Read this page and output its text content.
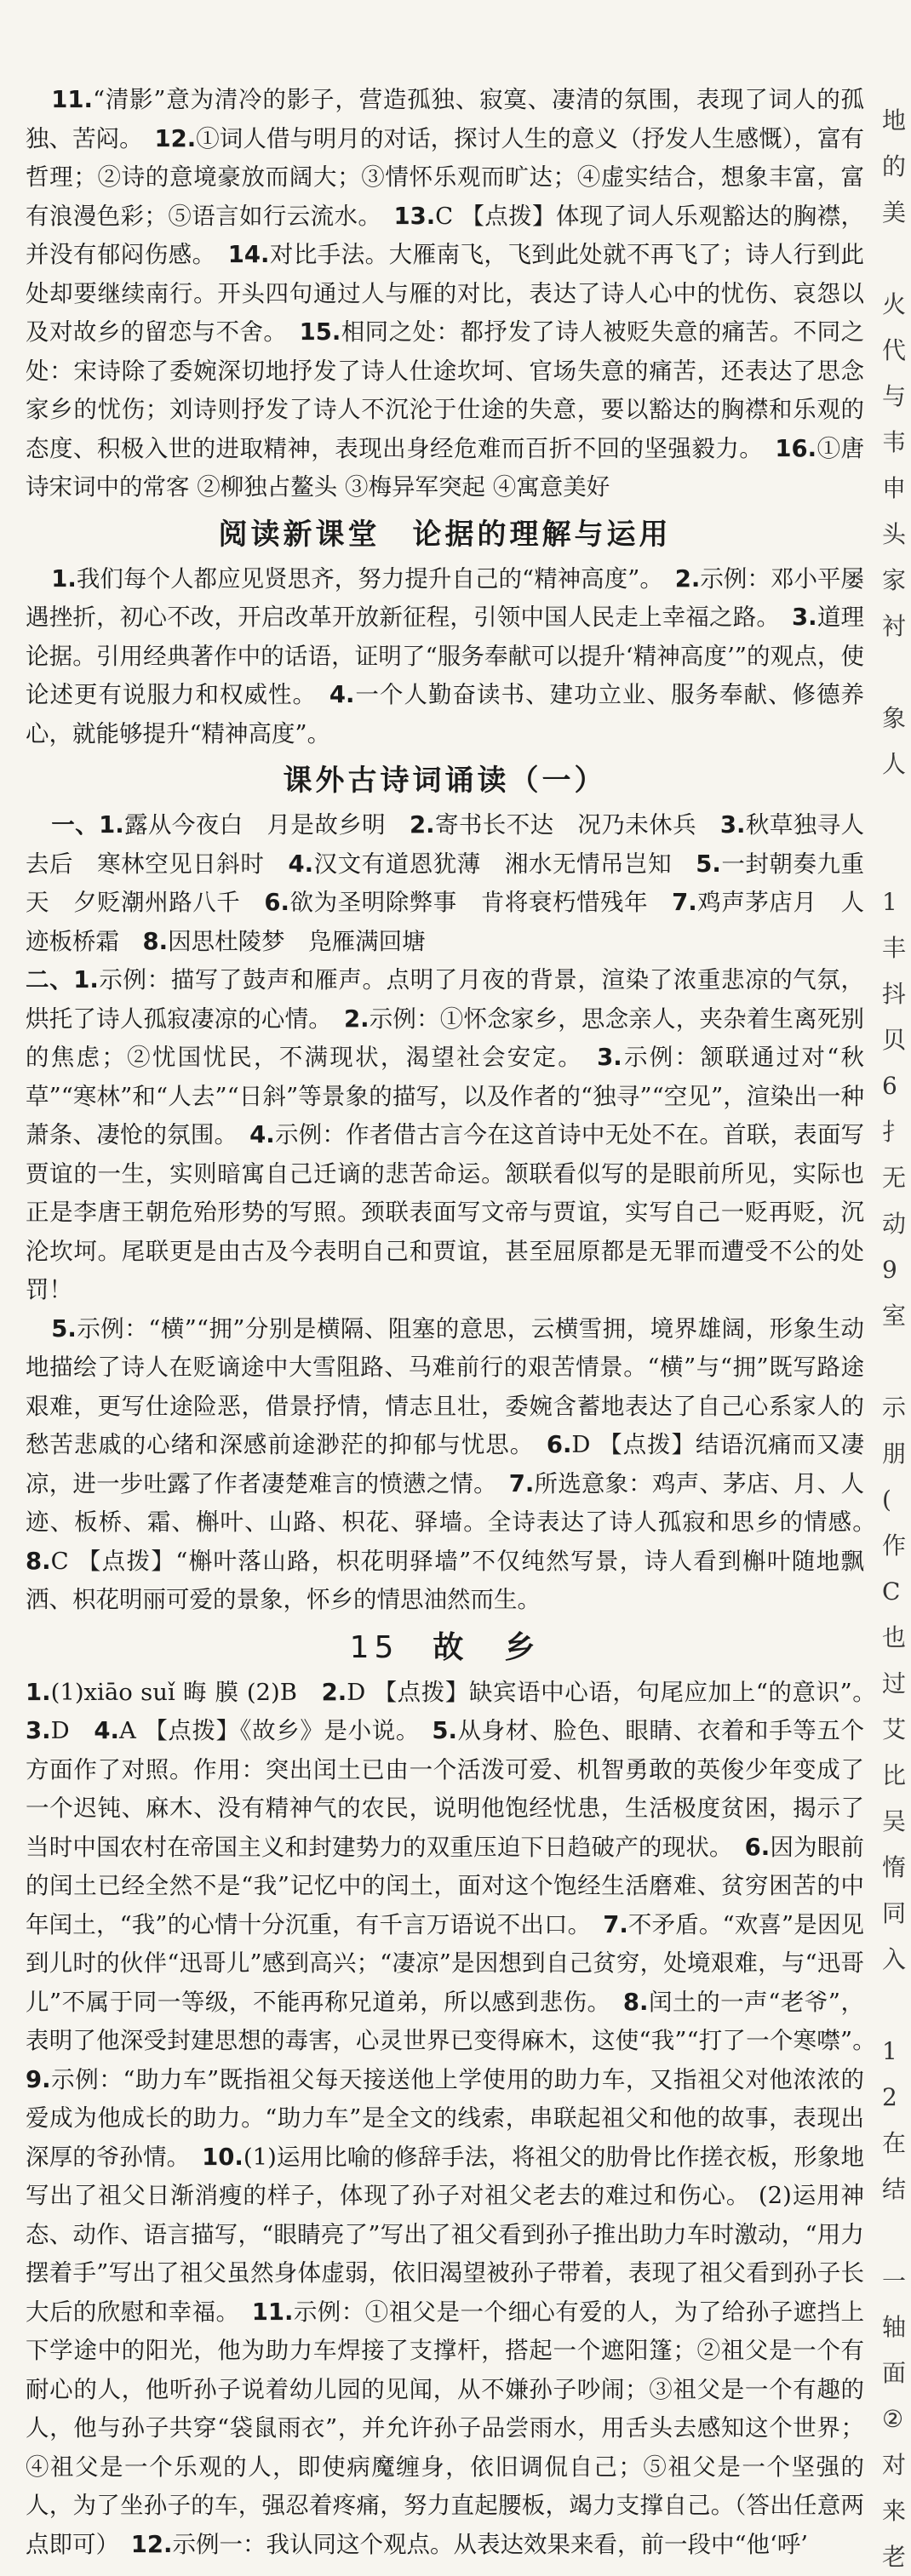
11.“清影”意为清冷的影子，营造孤独、寂寞、凄清的氛围，表现了词人的孤独、苦闷。　 12.①词人借与明月的对话，探讨人生的意义（抒发人生感慨），富有哲理；②诗的意境豪放而阔大；③情怀乐观而旷达；④虚实结合，想象丰富，富有浪漫色彩；⑤语言如行云流水。　 13.C 【点拨】体现了词人乐观豁达的胸襟，并没有郁闷伤感。　 14.对比手法。大雁南飞，飞到此处就不再飞了；诗人行到此处却要继续南行。开头四句通过人与雁的对比，表达了诗人心中的忧伤、哀怨以及对故乡的留恋与不舍。　 15.相同之处：都抒发了诗人被贬失意的痛苦。不同之处：宋诗除了委婉深切地抒发了诗人仕途坎坷、官场失意的痛苦，还表达了思念家乡的忧伤；刘诗则抒发了诗人不沉沦于仕途的失意，要以豁达的胸襟和乐观的态度、积极入世的进取精神，表现出身经危难而百折不回的坚强毅力。　 16.①唐诗宋词中的常客 ②柳独占鳌头 ③梅异军突起 ④寓意美好

阅读新课堂　论据的理解与运用

1.我们每个人都应见贤思齐，努力提升自己的“精神高度”。　 2.示例：邓小平屡遇挫折，初心不改，开启改革开放新征程，引领中国人民走上幸福之路。　 3.道理论据。引用经典著作中的话语，证明了“服务奉献可以提升‘精神高度’”的观点，使论述更有说服力和权威性。　 4.一个人勤奋读书、建功立业、服务奉献、修德养心，就能够提升“精神高度”。

课外古诗词诵读（一）

一、1.露从今夜白　月是故乡明　 2.寄书长不达　况乃未休兵　 3.秋草独寻人去后　寒林空见日斜时　 4.汉文有道恩犹薄　湘水无情吊岂知　 5.一封朝奏九重天　夕贬潮州路八千　 6.欲为圣明除弊事　肯将衰朽惜残年　 7.鸡声茅店月　人迹板桥霜　 8.因思杜陵梦　凫雁满回塘

二、1.示例：描写了鼓声和雁声。点明了月夜的背景，渲染了浓重悲凉的气氛，烘托了诗人孤寂凄凉的心情。　 2.示例：①怀念家乡，思念亲人，夹杂着生离死别的焦虑；②忧国忧民，不满现状，渴望社会安定。　 3.示例：颔联通过对“秋草”“寒林”和“人去”“日斜”等景象的描写，以及作者的“独寻”“空见”，渲染出一种萧条、凄怆的氛围。　 4.示例：作者借古言今在这首诗中无处不在。首联，表面写贾谊的一生，实则暗寓自己迁谪的悲苦命运。颔联看似写的是眼前所见，实际也正是李唐王朝危殆形势的写照。颈联表面写文帝与贾谊，实写自己一贬再贬，沉沦坎坷。尾联更是由古及今表明自己和贾谊，甚至屈原都是无罪而遭受不公的处罚！

5.示例：“横”“拥”分别是横隔、阻塞的意思，云横雪拥，境界雄阔，形象生动地描绘了诗人在贬谪途中大雪阻路、马难前行的艰苦情景。“横”与“拥”既写路途艰难，更写仕途险恶，借景抒情，情志且壮，委婉含蓄地表达了自己心系家人的愁苦悲戚的心绪和深感前途渺茫的抑郁与忧思。　 6.D 【点拨】结语沉痛而又凄凉，进一步吐露了作者凄楚难言的愤懑之情。　 7.所选意象：鸡声、茅店、月、人迹、板桥、霜、槲叶、山路、枳花、驿墙。全诗表达了诗人孤寂和思乡的情感。　8.C 【点拨】“槲叶落山路，枳花明驿墙”不仅纯然写景，诗人看到槲叶随地飘洒、枳花明丽可爱的景象，怀乡的情思油然而生。

15 故　乡

1.(1)xiāo suǐ 晦 膜 (2)B　 2.D 【点拨】缺宾语中心语，句尾应加上“的意识”。　3.D　 4.A 【点拨】《故乡》是小说。　 5.从身材、脸色、眼睛、衣着和手等五个方面作了对照。作用：突出闰土已由一个活泼可爱、机智勇敢的英俊少年变成了一个迟钝、麻木、没有精神气的农民，说明他饱经忧患，生活极度贫困，揭示了当时中国农村在帝国主义和封建势力的双重压迫下日趋破产的现状。　 6.因为眼前的闰土已经全然不是“我”记忆中的闰土，面对这个饱经生活磨难、贫穷困苦的中年闰土，“我”的心情十分沉重，有千言万语说不出口。　 7.不矛盾。“欢喜”是因见到儿时的伙伴“迅哥儿”感到高兴；“凄凉”是因想到自己贫穷，处境艰难，与“迅哥儿”不属于同一等级，不能再称兄道弟，所以感到悲伤。　 8.闰土的一声“老爷”，表明了他深受封建思想的毒害，心灵世界已变得麻木，这使“我”“打了一个寒噤”。　9.示例：“助力车”既指祖父每天接送他上学使用的助力车，又指祖父对他浓浓的爱成为他成长的助力。“助力车”是全文的线索，串联起祖父和他的故事，表现出深厚的爷孙情。　 10.(1)运用比喻的修辞手法，将祖父的肋骨比作搓衣板，形象地写出了祖父日渐消瘦的样子，体现了孙子对祖父老去的难过和伤心。 (2)运用神态、动作、语言描写，“眼睛亮了”写出了祖父看到孙子推出助力车时激动，“用力摆着手”写出了祖父虽然身体虚弱，依旧渴望被孙子带着，表现了祖父看到孙子长大后的欣慰和幸福。　 11.示例：①祖父是一个细心有爱的人，为了给孙子遮挡上下学途中的阳光，他为助力车焊接了支撑杆，搭起一个遮阳篷；②祖父是一个有耐心的人，他听孙子说着幼儿园的见闻，从不嫌孙子吵闹；③祖父是一个有趣的人，他与孙子共穿“袋鼠雨衣”，并允许孙子品尝雨水，用舌头去感知这个世界；④祖父是一个乐观的人，即使病魔缠身，依旧调侃自己；⑤祖父是一个坚强的人，为了坐孙子的车，强忍着疼痛，努力直起腰板，竭力支撑自己。（答出任意两点即可）　 12.示例一：我认同这个观点。从表达效果来看，前一段中“他‘呼’

地
的
美
火
代
与
韦
申
头
家
衬
象
人
1
丰
抖
贝
6
扌
无
动
9
室
示
朋
(
作
C
也
过
艾
比
吴
惰
同
入
1
2
在
结
一
轴
面
②
对
来
老
